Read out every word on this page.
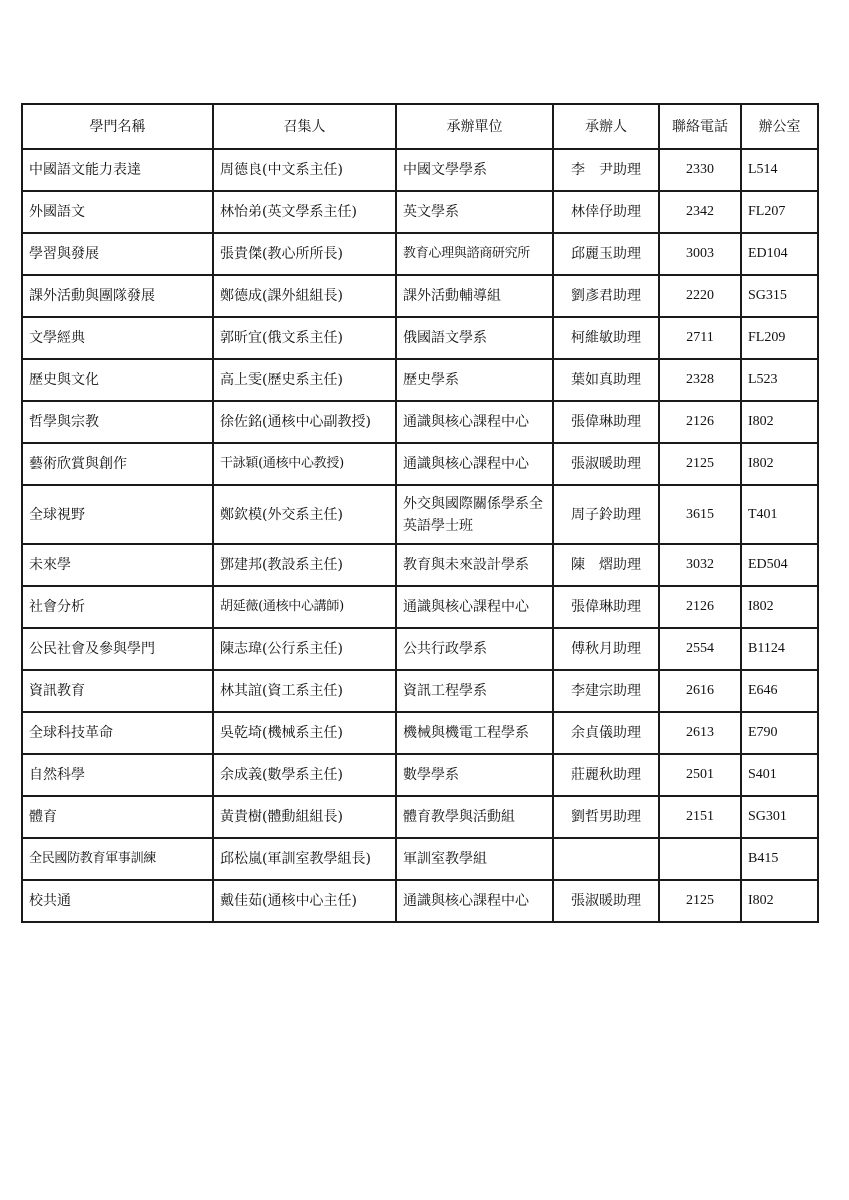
學門名稱	召集人	承辦單位	承辦人	聯絡電話	辦公室
中國語文能力表達	周德良(中文系主任)	中國文學學系	李　尹助理	2330	L514
外國語文	林怡弟(英文學系主任)	英文學系	林倖伃助理	2342	FL207
學習與發展	張貴傑(教心所所長)	教育心理與諮商研究所	邱麗玉助理	3003	ED104
課外活動與團隊發展	鄭德成(課外組組長)	課外活動輔導組	劉彥君助理	2220	SG315
文學經典	郭昕宜(俄文系主任)	俄國語文學系	柯維敏助理	2711	FL209
歷史與文化	高上雯(歷史系主任)	歷史學系	葉如真助理	2328	L523
哲學與宗教	徐佐銘(通核中心副教授)	通識與核心課程中心	張偉琳助理	2126	I802
藝術欣賞與創作	干詠穎(通核中心教授)	通識與核心課程中心	張淑暖助理	2125	I802
全球視野	鄭欽模(外交系主任)	外交與國際關係學系全英語學士班	周子鈴助理	3615	T401
未來學	鄧建邦(教設系主任)	教育與未來設計學系	陳　熠助理	3032	ED504
社會分析	胡延薇(通核中心講師)	通識與核心課程中心	張偉琳助理	2126	I802
公民社會及參與學門	陳志瑋(公行系主任)	公共行政學系	傅秋月助理	2554	B1124
資訊教育	林其誼(資工系主任)	資訊工程學系	李建宗助理	2616	E646
全球科技革命	吳乾埼(機械系主任)	機械與機電工程學系	余貞儀助理	2613	E790
自然科學	余成義(數學系主任)	數學學系	莊麗秋助理	2501	S401
體育	黃貴樹(體動組組長)	體育教學與活動組	劉哲男助理	2151	SG301
全民國防教育軍事訓練	邱松嵐(軍訓室教學組長)	軍訓室教學組			B415
校共通	戴佳茹(通核中心主任)	通識與核心課程中心	張淑暖助理	2125	I802
